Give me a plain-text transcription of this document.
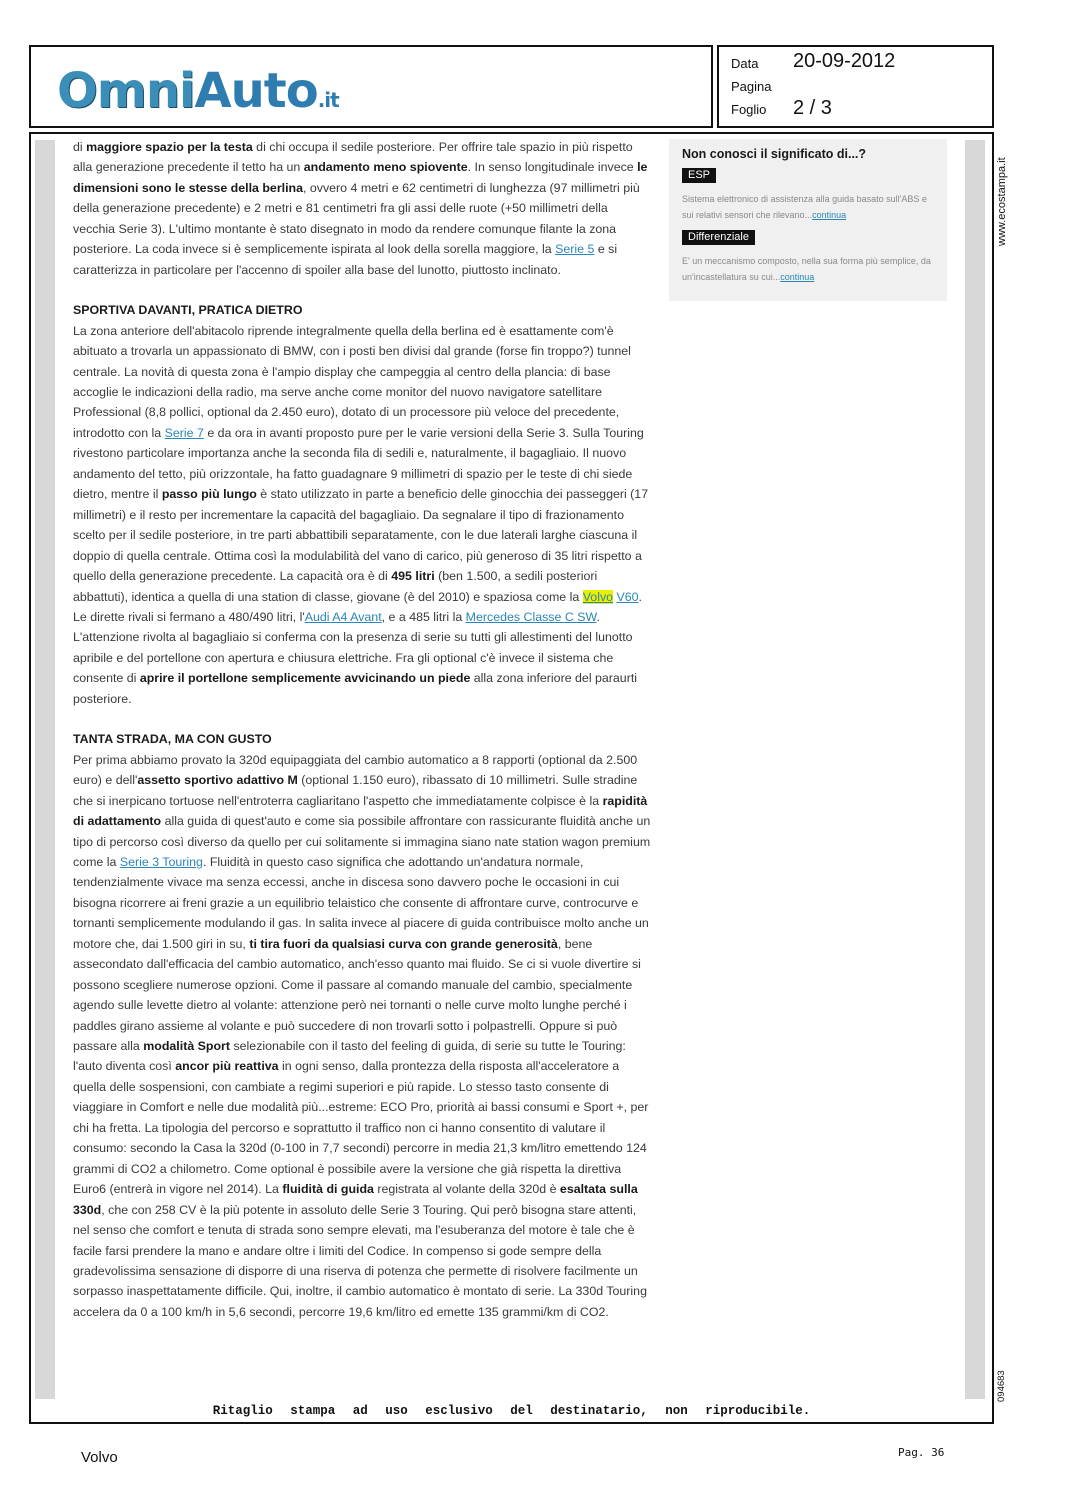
OmniAuto.it
Data 20-09-2012
Pagina
Foglio 2 / 3

di maggiore spazio per la testa di chi occupa il sedile posteriore. Per offrire tale spazio in più rispetto alla generazione precedente il tetto ha un andamento meno spiovente. In senso longitudinale invece le dimensioni sono le stesse della berlina, ovvero 4 metri e 62 centimetri di lunghezza (97 millimetri più della generazione precedente) e 2 metri e 81 centimetri fra gli assi delle ruote (+50 millimetri della vecchia Serie 3). L'ultimo montante è stato disegnato in modo da rendere comunque filante la zona posteriore. La coda invece si è semplicemente ispirata al look della sorella maggiore, la Serie 5 e si caratterizza in particolare per l'accenno di spoiler alla base del lunotto, piuttosto inclinato.

SPORTIVA DAVANTI, PRATICA DIETRO

La zona anteriore dell'abitacolo riprende integralmente quella della berlina ed è esattamente com'è abituato a trovarla un appassionato di BMW, con i posti ben divisi dal grande (forse fin troppo?) tunnel centrale. La novità di questa zona è l'ampio display che campeggia al centro della plancia: di base accoglie le indicazioni della radio, ma serve anche come monitor del nuovo navigatore satellitare Professional (8,8 pollici, optional da 2.450 euro), dotato di un processore più veloce del precedente, introdotto con la Serie 7 e da ora in avanti proposto pure per le varie versioni della Serie 3. Sulla Touring rivestono particolare importanza anche la seconda fila di sedili e, naturalmente, il bagagliaio. Il nuovo andamento del tetto, più orizzontale, ha fatto guadagnare 9 millimetri di spazio per le teste di chi siede dietro, mentre il passo più lungo è stato utilizzato in parte a beneficio delle ginocchia dei passeggeri (17 millimetri) e il resto per incrementare la capacità del bagagliaio. Da segnalare il tipo di frazionamento scelto per il sedile posteriore, in tre parti abbattibili separatamente, con le due laterali larghe ciascuna il doppio di quella centrale. Ottima così la modulabilità del vano di carico, più generoso di 35 litri rispetto a quello della generazione precedente. La capacità ora è di 495 litri (ben 1.500, a sedili posteriori abbattuti), identica a quella di una station di classe, giovane (è del 2010) e spaziosa come la Volvo V60. Le dirette rivali si fermano a 480/490 litri, l'Audi A4 Avant, e a 485 litri la Mercedes Classe C SW. L'attenzione rivolta al bagagliaio si conferma con la presenza di serie su tutti gli allestimenti del lunotto apribile e del portellone con apertura e chiusura elettriche. Fra gli optional c'è invece il sistema che consente di aprire il portellone semplicemente avvicinando un piede alla zona inferiore del paraurti posteriore.

TANTA STRADA, MA CON GUSTO

Per prima abbiamo provato la 320d equipaggiata del cambio automatico a 8 rapporti (optional da 2.500 euro) e dell'assetto sportivo adattivo M (optional 1.150 euro), ribassato di 10 millimetri. Sulle stradine che si inerpicano tortuose nell'entroterra cagliaritano l'aspetto che immediatamente colpisce è la rapidità di adattamento alla guida di quest'auto e come sia possibile affrontare con rassicurante fluidità anche un tipo di percorso così diverso da quello per cui solitamente si immagina siano nate station wagon premium come la Serie 3 Touring. Fluidità in questo caso significa che adottando un'andatura normale, tendenzialmente vivace ma senza eccessi, anche in discesa sono davvero poche le occasioni in cui bisogna ricorrere ai freni grazie a un equilibrio telaistico che consente di affrontare curve, controcurve e tornanti semplicemente modulando il gas. In salita invece al piacere di guida contribuisce molto anche un motore che, dai 1.500 giri in su, ti tira fuori da qualsiasi curva con grande generosità, bene assecondato dall'efficacia del cambio automatico, anch'esso quanto mai fluido. Se ci si vuole divertire si possono scegliere numerose opzioni. Come il passare al comando manuale del cambio, specialmente agendo sulle levette dietro al volante: attenzione però nei tornanti o nelle curve molto lunghe perché i paddles girano assieme al volante e può succedere di non trovarli sotto i polpastrelli. Oppure si può passare alla modalità Sport selezionabile con il tasto del feeling di guida, di serie su tutte le Touring: l'auto diventa così ancor più reattiva in ogni senso, dalla prontezza della risposta all'acceleratore a quella delle sospensioni, con cambiate a regimi superiori e più rapide. Lo stesso tasto consente di viaggiare in Comfort e nelle due modalità più...estreme: ECO Pro, priorità ai bassi consumi e Sport +, per chi ha fretta. La tipologia del percorso e soprattutto il traffico non ci hanno consentito di valutare il consumo: secondo la Casa la 320d (0-100 in 7,7 secondi) percorre in media 21,3 km/litro emettendo 124 grammi di CO2 a chilometro. Come optional è possibile avere la versione che già rispetta la direttiva Euro6 (entrerà in vigore nel 2014). La fluidità di guida registrata al volante della 320d è esaltata sulla 330d, che con 258 CV è la più potente in assoluto delle Serie 3 Touring. Qui però bisogna stare attenti, nel senso che comfort e tenuta di strada sono sempre elevati, ma l'esuberanza del motore è tale che è facile farsi prendere la mano e andare oltre i limiti del Codice. In compenso si gode sempre della gradevolissima sensazione di disporre di una riserva di potenza che permette di risolvere facilmente un sorpasso inaspettatamente difficile. Qui, inoltre, il cambio automatico è montato di serie. La 330d Touring accelera da 0 a 100 km/h in 5,6 secondi, percorre 19,6 km/litro ed emette 135 grammi/km di CO2.

Non conosci il significato di...?
ESP
Sistema elettronico di assistenza alla guida basato sull'ABS e sui relativi sensori che rilevano...continua
Differenziale
E' un meccanismo composto, nella sua forma più semplice, da un'incastellatura su cui...continua
www.ecostampa.it
094683
Ritaglio stampa ad uso esclusivo del destinatario, non riproducibile.
Volvo	Pag. 36
